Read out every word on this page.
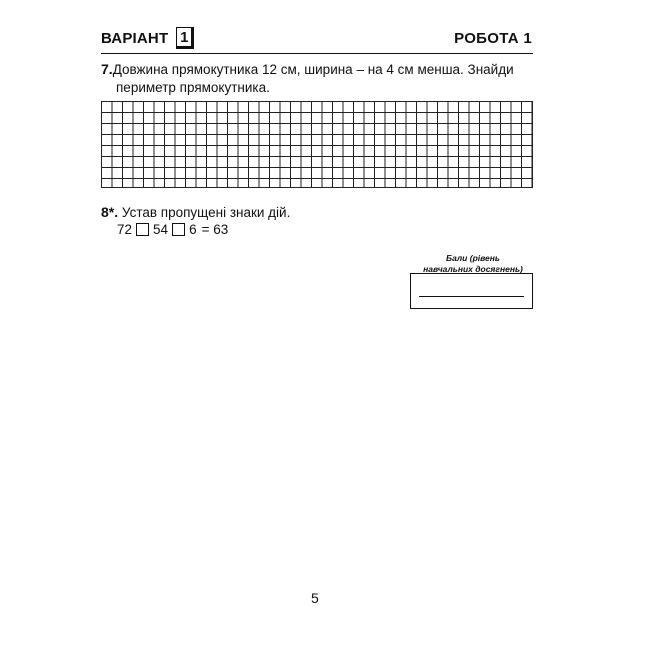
ВАРІАНТ 1	РОБОТА 1
7.Довжина прямокутника 12 см, ширина – на 4 см менша. Знайди
периметр прямокутника.
8*. Устав пропущені знаки дій.
72 54 6 = 63
Бали (рівень
навчальних досягнень)
5
